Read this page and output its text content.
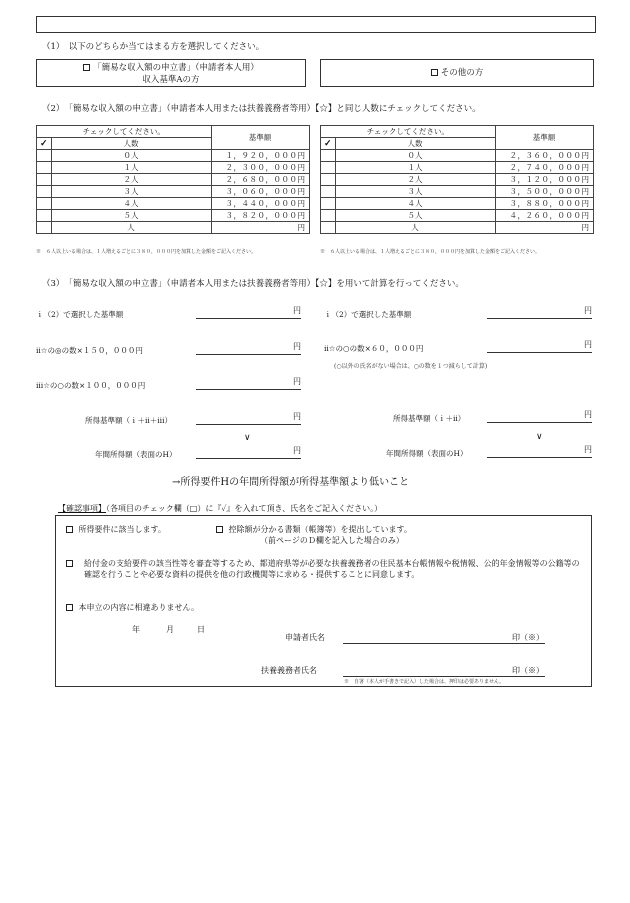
（1）　以下のどちらか当てはまる方を選択してください。
「簡易な収入額の申立書」（申請者本人用）
収入基準Aの方
その他の方
（2）　「簡易な収入額の申立書」（申請者本人用または扶養義務者等用）【☆】と同じ人数にチェックしてください。
チェックしてください。		基準額
✓	人数	
	０人	１，９２０，０００円
	１人	２，３００，０００円
	２人	２，６８０，０００円
	３人	３，０６０，０００円
	４人	３，４４０，０００円
	５人	３，８２０，０００円
	人	円
※　６人以上いる場合は、１人増えるごとに３８０，０００円を加算した金額をご記入ください。
チェックしてください。		基準額
✓	人数	
	０人	２，３６０，０００円
	１人	２，７４０，０００円
	２人	３，１２０，０００円
	３人	３，５００，０００円
	４人	３，８８０，０００円
	５人	４，２６０，０００円
	人	円
※　６人以上いる場合は、１人増えるごとに３８０，０００円を加算した金額をご記入ください。
（3）　「簡易な収入額の申立書」（申請者本人用または扶養義務者等用）【☆】を用いて計算を行ってください。
ｉ（2）で選択した基準額	円
ⅱ☆の◎の数×１５０，０００円	円
ⅲ☆の○の数×１００，０００円	円
所得基準額（ｉ＋ⅱ＋ⅲ）	円
∨
年間所得額（表面のH）	円
ｉ（2）で選択した基準額	円
ⅱ☆の○の数×６０，０００円	円
(○以外の氏名がない場合は、○の数を１つ減らして計算)
所得基準額（ｉ＋ⅱ）	円
∨
年間所得額（表面のH）	円
→所得要件Hの年間所得額が所得基準額より低いこと
【確認事項】（各項目のチェック欄（□）に『✓』を入れて頂き、氏名をご記入ください。）
所得要件に該当します。	控除額が分かる書類（帳簿等）を提出しています。
（前ページのＤ欄を記入した場合のみ）
給付金の支給要件の該当性等を審査等するため、都道府県等が必要な扶養義務者の住民基本台帳情報や税情報、公的年金情報等の公籍等の確認を行うことや必要な資料の提供を他の行政機関等に求める・提供することに同意します。
本申立の内容に相違ありません。
年	月	日
申請者氏名	印（※）
扶養義務者氏名	印（※）
※　自署（本人が手書きで記入）した場合は、押印は必要ありません。
